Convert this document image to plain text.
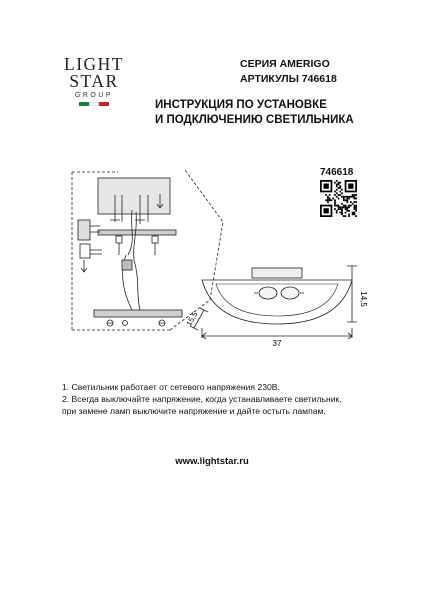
LIGHT
STAR
GROUP
СЕРИЯ AMERIGO
АРТИКУЛЫ 746618
ИНСТРУКЦИЯ ПО УСТАНОВКЕ
И ПОДКЛЮЧЕНИЮ СВЕТИЛЬНИКА
746618
14,5
37
15,5
1. Светильник работает от сетевого напряжения 230В.
2. Всегда выключайте напряжение, когда устанавливаете светильник,
при замене ламп выключите напряжение и дайте остыть лампам.
www.lightstar.ru
